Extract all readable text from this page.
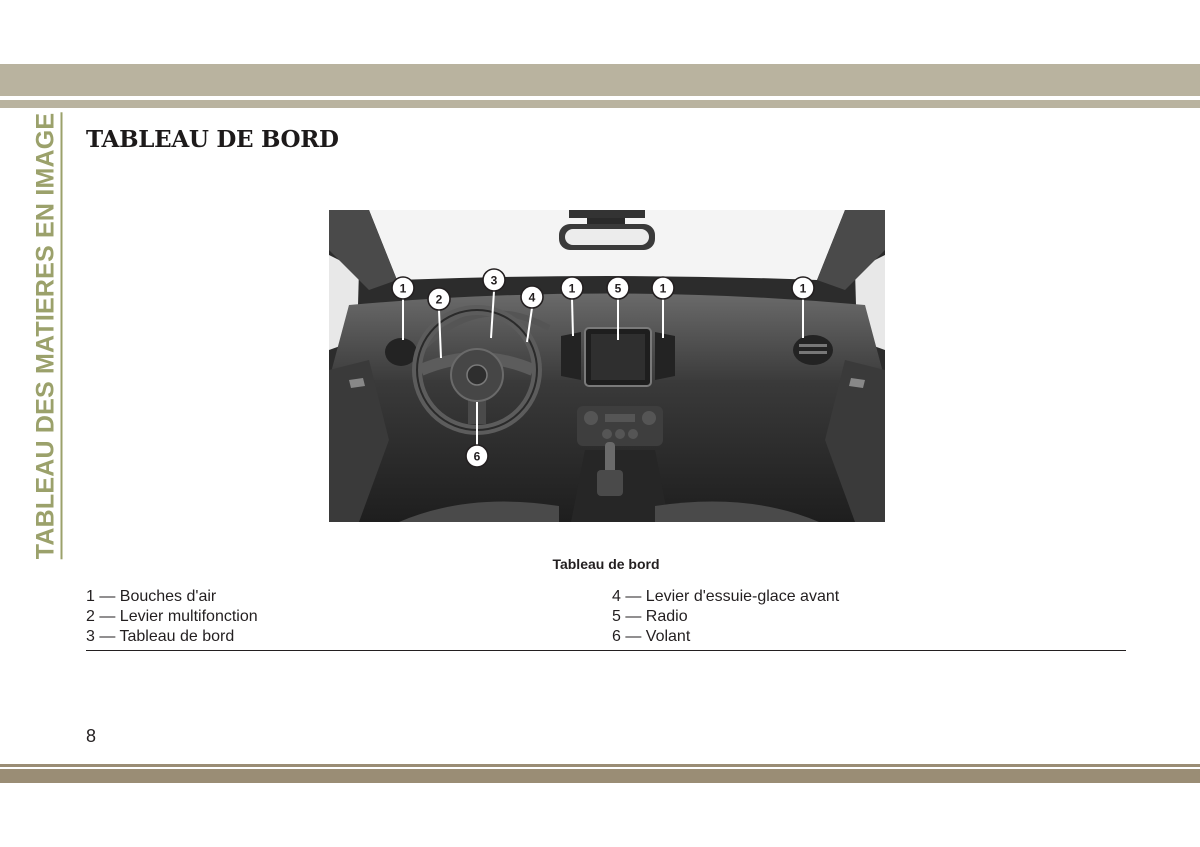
TABLEAU DES MATIERES EN IMAGE TABLEAU DE BORD
1
2
3
4
1	5	1	1
6
Tableau de bord
1 — Bouches d'air
2 — Levier multifonction
3 — Tableau de bord
4 — Levier d'essuie-glace avant
5 — Radio
6 — Volant
8
